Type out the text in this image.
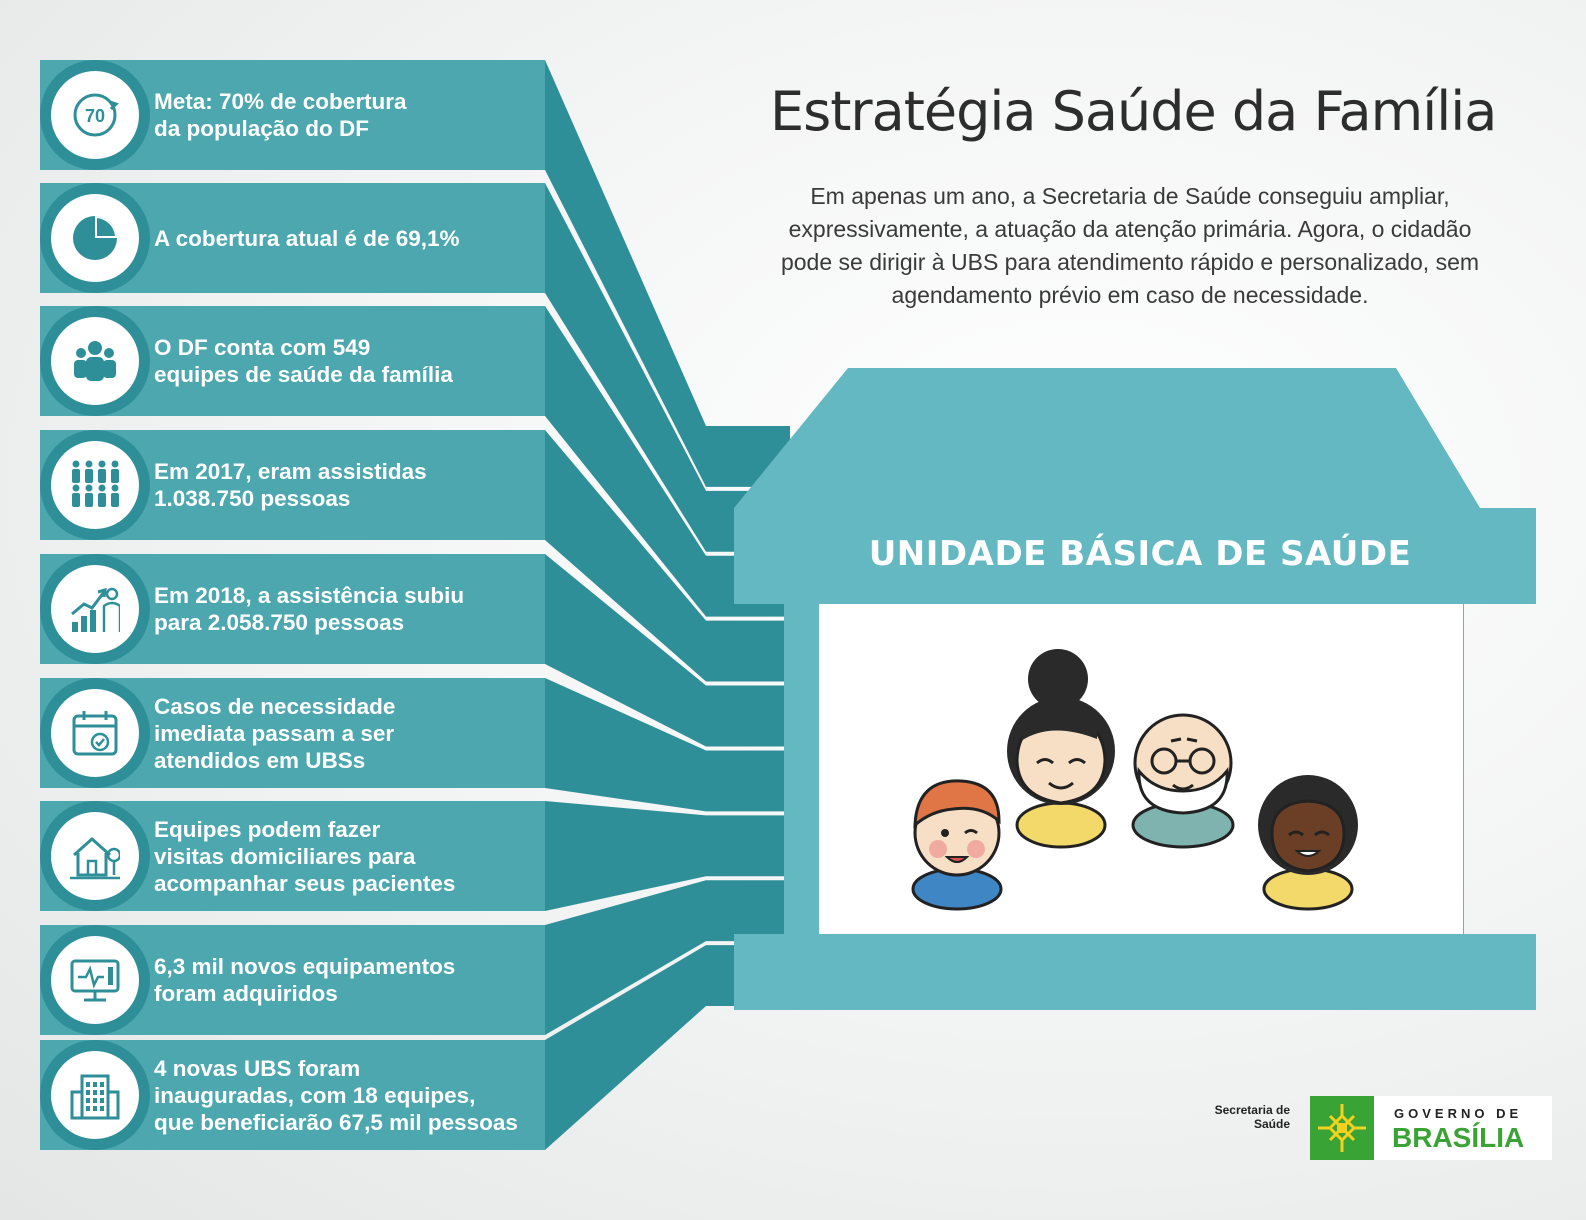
70
Meta: 70% de cobertura
da população do DF
A cobertura atual é de 69,1%
O DF conta com 549
equipes de saúde da família
Em 2017, eram assistidas
1.038.750 pessoas
Em 2018, a assistência subiu
para 2.058.750 pessoas
Casos de necessidade
imediata passam a ser
atendidos em UBSs
Equipes podem fazer
visitas domiciliares para
acompanhar seus pacientes
6,3 mil novos equipamentos
foram adquiridos
4 novas UBS foram
inauguradas, com 18 equipes,
que beneficiarão 67,5 mil pessoas
Estratégia Saúde da Família
Em apenas um ano, a Secretaria de Saúde conseguiu ampliar, expressivamente, a atuação da atenção primária. Agora, o cidadão pode se dirigir à UBS para atendimento rápido e personalizado, sem agendamento prévio em caso de necessidade.
UNIDADE BÁSICA DE SAÚDE
Secretaria de
Saúde
GOVERNO DE
BRASÍLIA
